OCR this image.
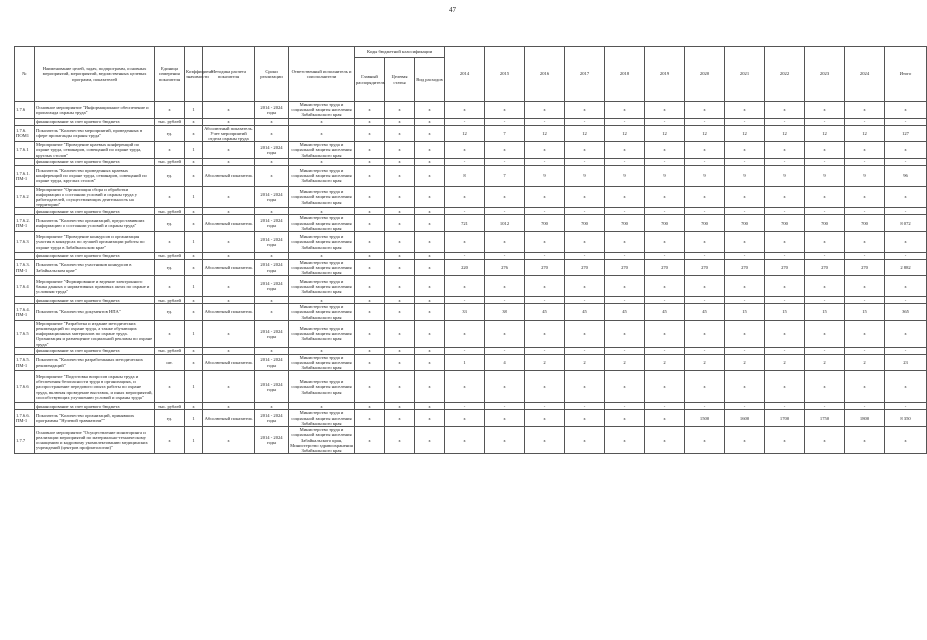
47
№	Наименование целей, задач, подпрограмм, основных мероприятий, мероприятий, ведомственных целевых программ, показателей	Единица измерения показателя	Коэффициент значимости	Методика расчета показателя	Сроки реализации	Ответственный исполнитель и соисполнители	Коды бюджетной классификации			2014	2015	2016	2017	2018	2019	2020	2021	2022	2023	2024	Итого
							Главный распорядитель	Целевая статья	Вид расходов												
1.7.6	Основное мероприятие "Информационное обеспечение и пропаганда охраны труда"	х	1	х	2014 - 2024 годы	Министерство труда и социальной защиты населения Забайкальского края	х	х	х	х	х	х	х	х	х	х	х	х	х	х	х
	финансирование за счет краевого бюджета	тыс. рублей	х	х	х	х	х	х	х	-	-	-	-	-	-	-	-	-	-	-	-
1.7.6. ПОМ1	Показатель "Количество мероприятий, проведенных в сфере пропаганды охраны труда"	ед.	х	Абсолютный показатель. Учет мероприятий отдела охраны труда	х	х	х	х	х	12	7	12	12	12	12	12	12	12	12	12	127
1.7.6.1	Мероприятие "Проведение краевых конференций по охране труда, семинаров, совещаний по охране труда, круглых столов"	х	1	х	2014 - 2024 годы	Министерство труда и социальной защиты населения Забайкальского края	х	х	х	х	х	х	х	х	х	х	х	х	х	х	х
	финансирование за счет краевого бюджета	тыс. рублей	х	х	х	х	х	х	х	-	-	-	-	-	-	-	-	-	-	-	-
1.7.6.1. ПМ-1	Показатель "Количество проведенных краевых конференций по охране труда, семинаров, совещаний по охране труда, круглых столов"	ед.	х	Абсолютный показатель	х	Министерство труда и социальной защиты населения Забайкальского края	х	х	х	8	7	9	9	9	9	9	9	9	9	9	96
1.7.6.2	Мероприятие "Организация сбора и обработки информации о состоянии условий и охраны труда у работодателей, осуществляющих деятельность на территории"	х	1	х	2014 - 2024 годы	Министерство труда и социальной защиты населения Забайкальского края	х	х	х	х	х	х	х	х	х	х	х	х	х	х	х
	финансирование за счет краевого бюджета	тыс. рублей	х	х	х	х	х	х	х	-	-	-	-	-	-	-	-	-	-	-	-
1.7.6.2. ПМ-1	Показатель "Количество организаций, предоставивших информацию о состоянии условий и охраны труда"	ед.	х	Абсолютный показатель	2014 - 2024 годы	Министерство труда и социальной защиты населения Забайкальского края	х	х	х	721	1012	700	700	700	700	700	700	700	700	700	8 072
1.7.6.3	Мероприятие "Проведение конкурсов и организация участия в конкурсах по лучшей организации работы по охране труда в Забайкальском крае"	х	1	х	2014 - 2024 годы	Министерство труда и социальной защиты населения Забайкальского края	х	х	х	х	х	х	х	х	х	х	х	х	х	х	х
	финансирование за счет краевого бюджета	тыс. рублей	х	х	х	х	х	х	х	-	-	-	-	-	-	-	-	-	-	-	-
1.7.6.3. ПМ-1	Показатель "Количество участников конкурсов в Забайкальском крае"	ед.	х	Абсолютный показатель	2014 - 2024 годы	Министерство труда и социальной защиты населения Забайкальского края	х	х	х	220	276	270	270	270	270	270	270	270	270	270	2 882
1.7.6.4	Мероприятие "Формирование и ведение электронного банка данных о нормативных правовых актах по охране и условиям труда"	х	1	х	2014 - 2024 годы	Министерство труда и социальной защиты населения Забайкальского края	х	х	х	х	х	х	х	х	х	х	х	х	х	х	х
	финансирование за счет краевого бюджета	тыс. рублей	х	х	х	х	х	х	х	-	-	-	-	-	-	-	-	-	-	-	-
1.7.6.4. ПМ-1	Показатель "Количество документов НПА"	ед.	х	Абсолютный показатель	х	Министерство труда и социальной защиты населения Забайкальского края	х	х	х	33	38	45	45	45	45	45	15	15	15	15	365
1.7.6.5	Мероприятие "Разработка и издание методических рекомендаций по охране труда, а также обучающих информационных материалов по охране труда. Организация и размещение социальной рекламы по охране труда"	х	1	х	2014 - 2024 годы	Министерство труда и социальной защиты населения Забайкальского края	х	х	х	х	х	х	х	х	х	х	х	х	х	х	х
	финансирование за счет краевого бюджета	тыс. рублей	х	х	х	х	х	х	х	-	-	-	-	-	-	-	-	-	-	-	-
1.7.6.5. ПМ-1	Показатель "Количество разработанных методических рекомендаций"	шт.	х	Абсолютный показатель	2014 - 2024 годы	Министерство труда и социальной защиты населения Забайкальского края	х	х	х	1	4	2	2	2	2	2	2	2	2	2	23
1.7.6.6	Мероприятие "Подготовка вопросов охраны труда и обеспечения безопасности труда в организациях, и распространение передового опыта работы по охране труда, включая проведение выставок, и иных мероприятий, способствующих улучшению условий и охраны труда"	х	1	х	2014 - 2024 годы	Министерство труда и социальной защиты населения Забайкальского края	х	х	х	х	х	х	х	х	х	х	х	х	х	х	х
	финансирование за счет краевого бюджета	тыс. рублей	х	х	х	х	х	х	х	-	-	-	-	-	-	-	-	-	-	-	-
1.7.6.6. ПМ-1	Показатель "Количество организаций, принявших программы "Нулевой травматизм""	ед.	1	Абсолютный показатель	2014 - 2024 годы	Министерство труда и социальной защиты населения Забайкальского края	х	х	х	х	х	х	х	х	х	1500	1600	1700	1750	1800	8 350
1.7.7	Основное мероприятие "Осуществление мониторинга и реализации мероприятий по материально-техническому оснащению и кадровому укомплектованию медицинских учреждений (центров профпатологии)"	х	1	х	2014 - 2024 годы	Министерство труда и социальной защиты населения Забайкальского края, Министерство здравоохранения Забайкальского края	х	х	х	х	х	х	х	х	х	х	х	х	х	х	х
